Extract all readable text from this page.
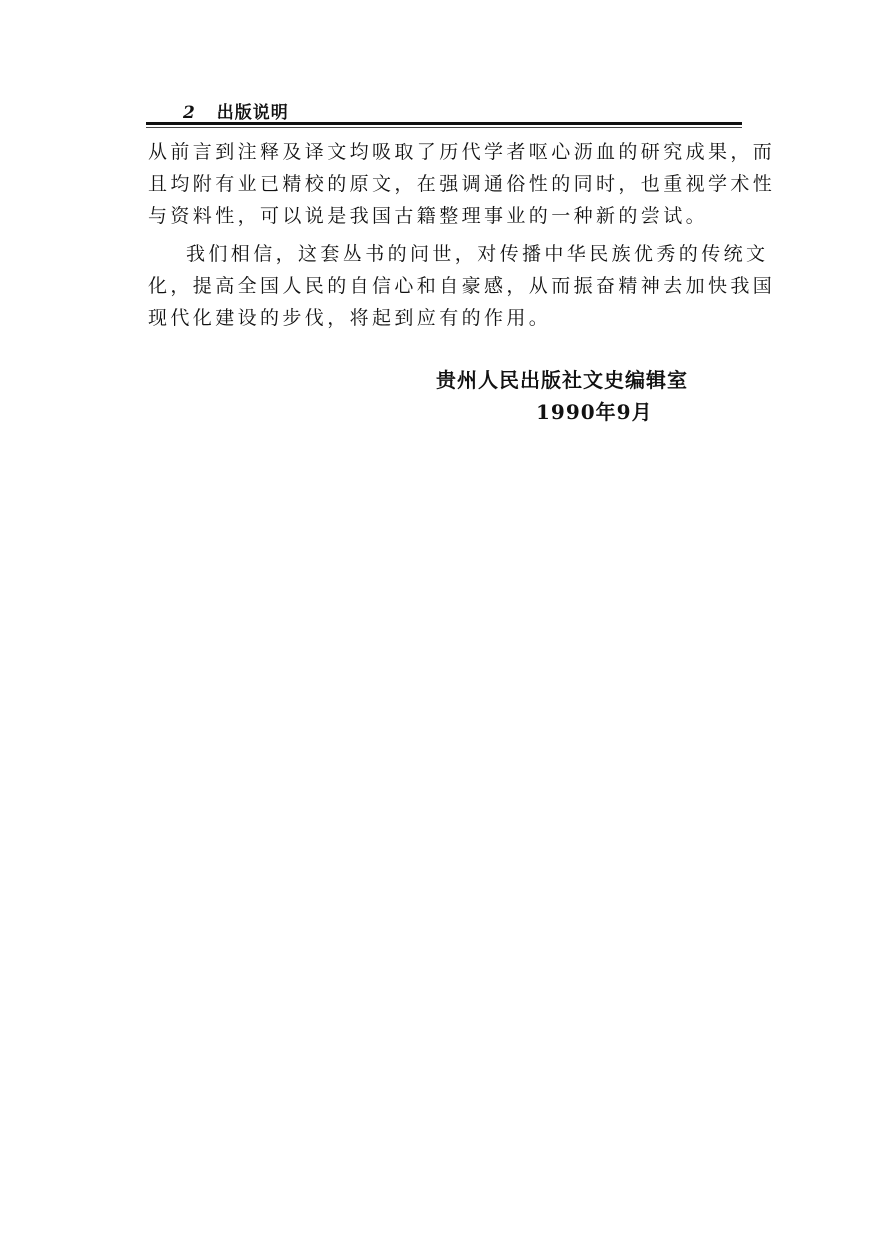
2 出版说明
从前言到注释及译文均吸取了历代学者呕心沥血的研究成果，而
且均附有业已精校的原文，在强调通俗性的同时，也重视学术性
与资料性，可以说是我国古籍整理事业的一种新的尝试。
我们相信，这套丛书的问世，对传播中华民族优秀的传统文
化，提高全国人民的自信心和自豪感，从而振奋精神去加快我国
现代化建设的步伐，将起到应有的作用。
贵州人民出版社文史编辑室
1990年9月
